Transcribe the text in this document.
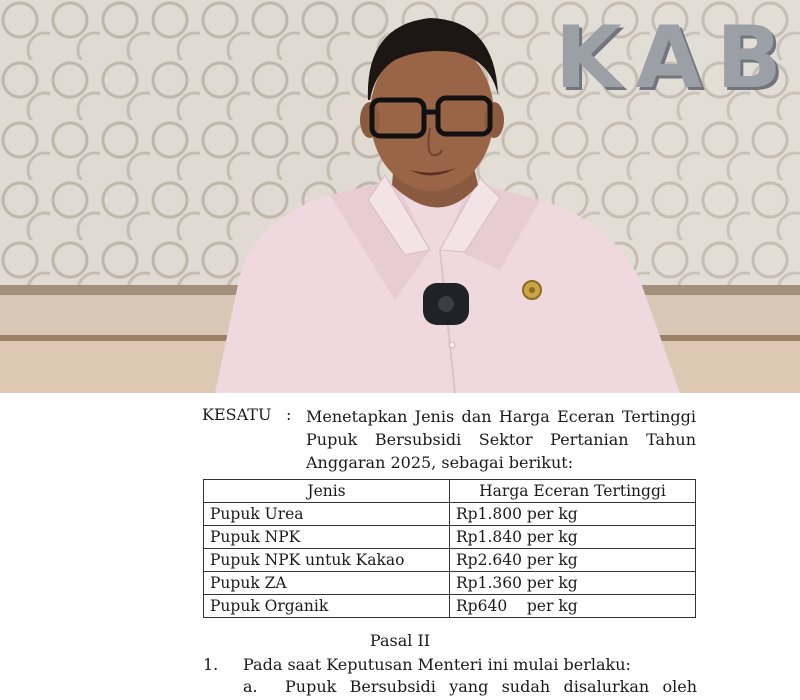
KAB
KESATU : Menetapkan Jenis dan Harga Eceran Tertinggi Pupuk Bersubsidi Sektor Pertanian Tahun Anggaran 2025, sebagai berikut:
Jenis	Harga Eceran Tertinggi
Pupuk Urea	Rp1.800 per kg
Pupuk NPK	Rp1.840 per kg
Pupuk NPK untuk Kakao	Rp2.640 per kg
Pupuk ZA	Rp1.360 per kg
Pupuk Organik	Rp640    per kg
Pasal II
1. Pada saat Keputusan Menteri ini mulai berlaku:
a. Pupuk Bersubsidi yang sudah disalurkan oleh
